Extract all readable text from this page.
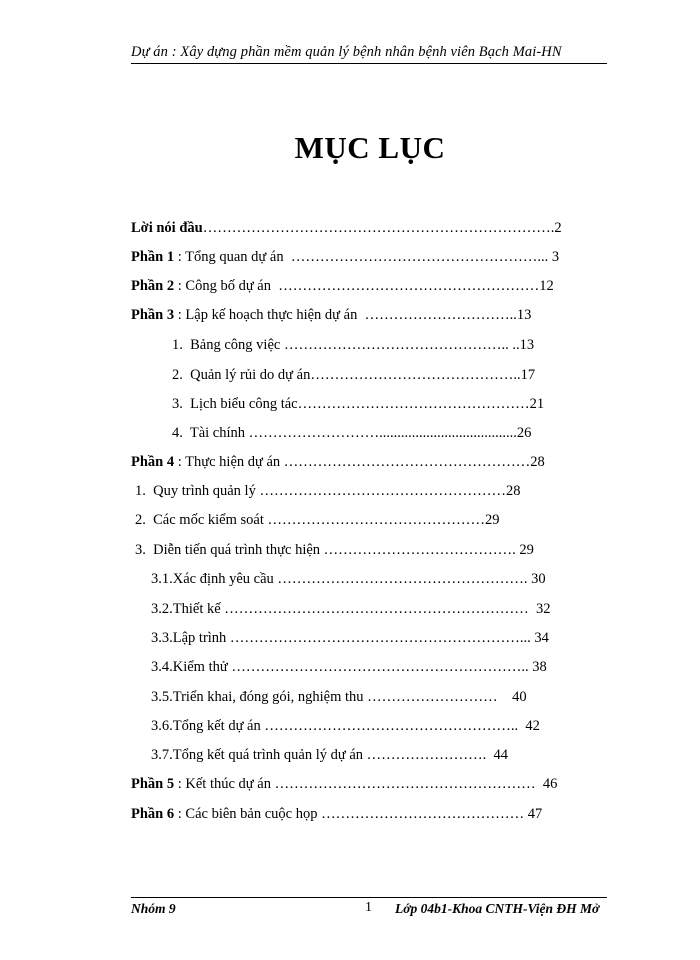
Dự án : Xây dựng phần mềm quản lý bệnh nhân bệnh viên Bạch Mai-HN
MỤC LỤC
Lời nói đầu……………………………………………………………….2
Phần 1 : Tổng quan dự án  ……………………………………………... 3
Phần 2 : Công bố dự án  ………………………………………………12
Phần 3 : Lập kế hoạch thực hiện dự án  …………………………..13
1.  Bảng công việc ……………………………………….. ..13
2.  Quản lý rủi do dự án……………………………………..17
3.  Lịch biểu công tác…………………………………………21
4.  Tài chính ………………………......................................26
Phần 4 : Thực hiện dự án ……………………………………………28
1.  Quy trình quản lý ……………………………………………28
2.  Các mốc kiểm soát ………………………………………29
3.  Diễn tiến quá trình thực hiện …………………………………. 29
3.1.Xác định yêu cầu ……………………………………………. 30
3.2.Thiết kế ………………………………………………………  32
3.3.Lập trình ……………………………………………………... 34
3.4.Kiểm thử …………………………………………………….. 38
3.5.Triển khai, đóng gói, nghiệm thu ………………………    40
3.6.Tổng kết dự án ……………………………………………..  42
3.7.Tổng kết quá trình quản lý dự án …………………….  44
Phần 5 : Kết thúc dự án ………………………………………………  46
Phần 6 : Các biên bản cuộc họp …………………………………… 47
Nhóm 9	1 Lớp 04b1-Khoa CNTH-Viện ĐH Mở
